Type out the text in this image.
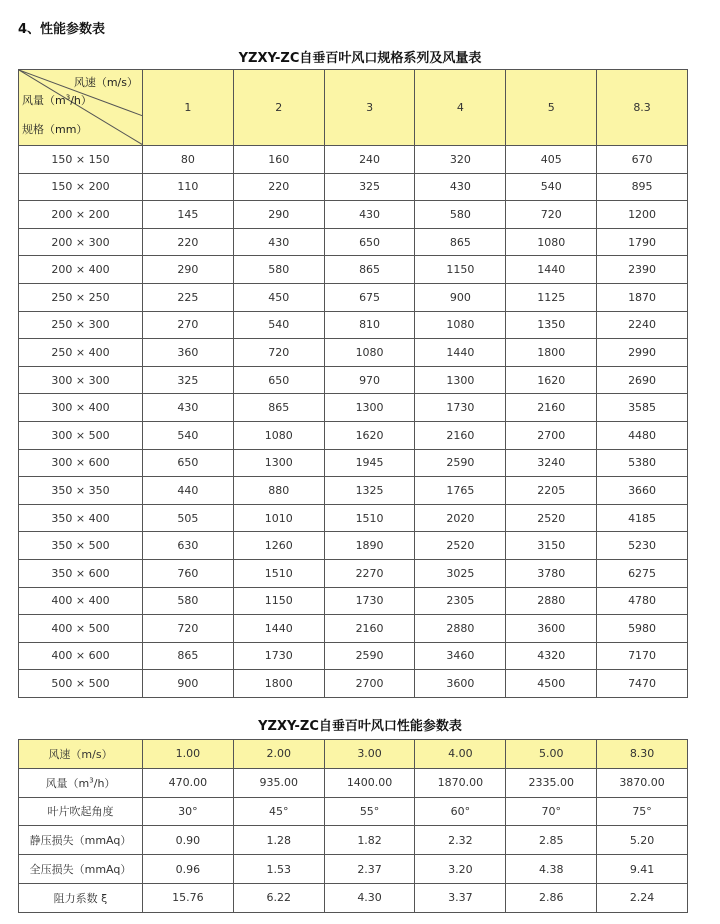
4、性能参数表
YZXY-ZC自垂百叶风口规格系列及风量表
风速（m/s）
风量$(m^3/h)$
规格（mm）	1	2	3	4	5	8.3
150 × 150	80	160	240	320	405	670
150 × 200	110	220	325	430	540	895
200 × 200	145	290	430	580	720	1200
200 × 300	220	430	650	865	1080	1790
200 × 400	290	580	865	1150	1440	2390
250 × 250	225	450	675	900	1125	1870
250 × 300	270	540	810	1080	1350	2240
250 × 400	360	720	1080	1440	1800	2990
300 × 300	325	650	970	1300	1620	2690
300 × 400	430	865	1300	1730	2160	3585
300 × 500	540	1080	1620	2160	2700	4480
300 × 600	650	1300	1945	2590	3240	5380
350 × 350	440	880	1325	1765	2205	3660
350 × 400	505	1010	1510	2020	2520	4185
350 × 500	630	1260	1890	2520	3150	5230
350 × 600	760	1510	2270	3025	3780	6275
400 × 400	580	1150	1730	2305	2880	4780
400 × 500	720	1440	2160	2880	3600	5980
400 × 600	865	1730	2590	3460	4320	7170
500 × 500	900	1800	2700	3600	4500	7470
YZXY-ZC自垂百叶风口性能参数表
风速（m/s）	1.00	2.00	3.00	4.00	5.00	8.30
风量$(m^3/h)$	470.00	935.00	1400.00	1870.00	2335.00	3870.00
叶片吹起角度	30°	45°	55°	60°	70°	75°
静压损失（mmAq）	0.90	1.28	1.82	2.32	2.85	5.20
全压损失（mmAq）	0.96	1.53	2.37	3.20	4.38	9.41
阻力系数 ξ	15.76	6.22	4.30	3.37	2.86	2.24
